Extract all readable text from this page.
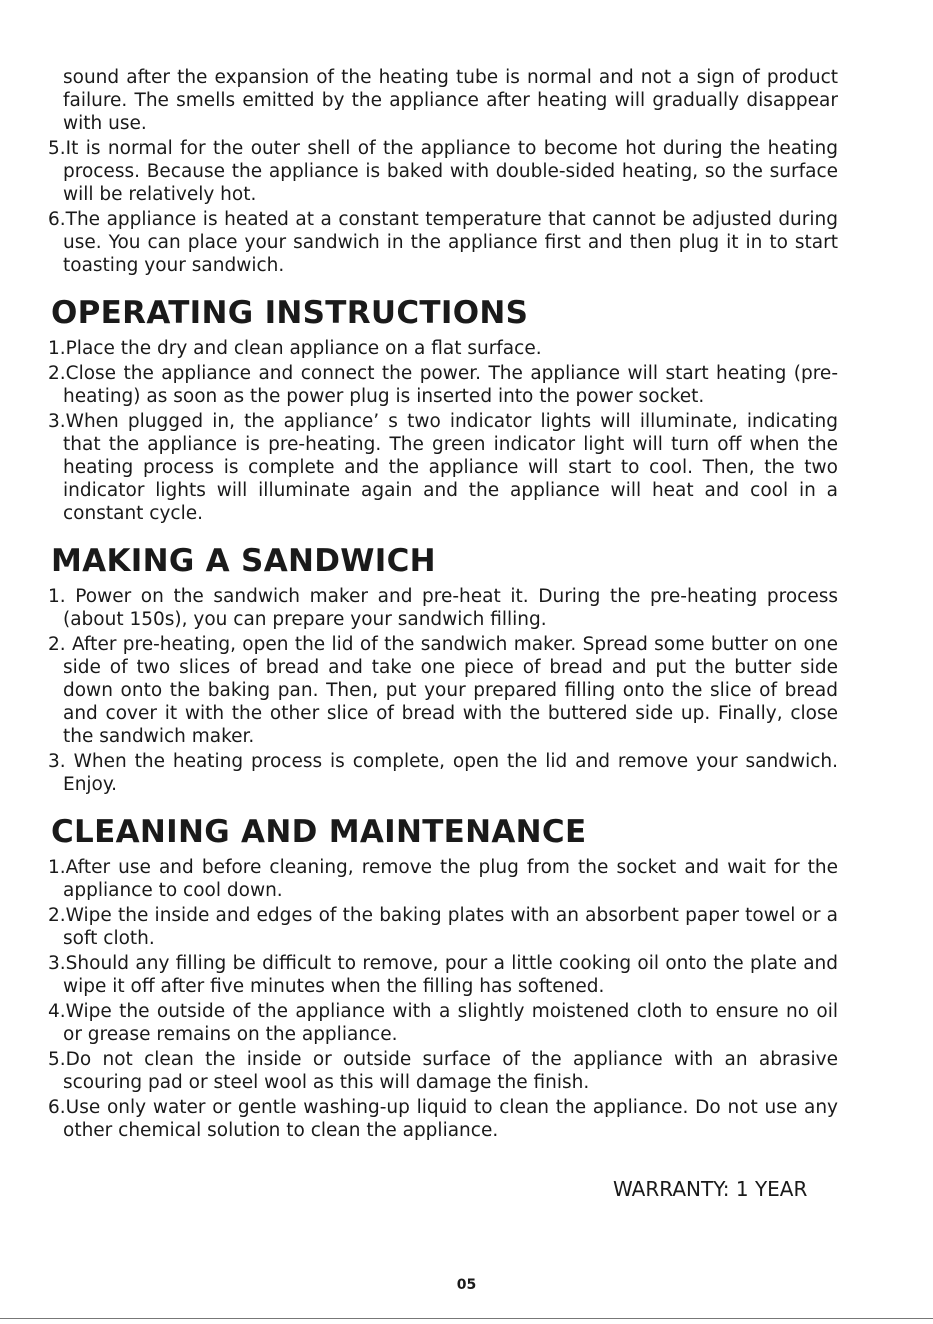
sound after the expansion of the heating tube is normal and not a sign of product failure. The smells emitted by the appliance after heating will gradually disappear with use.
5.It is normal for the outer shell of the appliance to become hot during the heating process. Because the appliance is baked with double-sided heating, so the surface will be relatively hot.
6.The appliance is heated at a constant temperature that cannot be adjusted during use. You can place your sandwich in the appliance first and then plug it in to start toasting your sandwich.
OPERATING INSTRUCTIONS
1.Place the dry and clean appliance on a flat surface.
2.Close the appliance and connect the power. The appliance will start heating (pre-heating) as soon as the power plug is inserted into the power socket.
3.When plugged in, the appliance’ s two indicator lights will illuminate, indicating that the appliance is pre-heating. The green indicator light will turn off when the heating process is complete and the appliance will start to cool. Then, the two indicator lights will illuminate again and the appliance will heat and cool in a constant cycle.
MAKING A SANDWICH
1. Power on the sandwich maker and pre-heat it. During the pre-heating process (about 150s), you can prepare your sandwich filling.
2. After pre-heating, open the lid of the sandwich maker. Spread some butter on one side of two slices of bread and take one piece of bread and put the butter side down onto the baking pan. Then, put your prepared filling onto the slice of bread and cover it with the other slice of bread with the buttered side up. Finally, close the sandwich maker.
3. When the heating process is complete, open the lid and remove your sandwich. Enjoy.
CLEANING AND MAINTENANCE
1.After use and before cleaning, remove the plug from the socket and wait for the appliance to cool down.
2.Wipe the inside and edges of the baking plates with an absorbent paper towel or a soft cloth.
3.Should any filling be difficult to remove, pour a little cooking oil onto the plate and wipe it off after five minutes when the filling has softened.
4.Wipe the outside of the appliance with a slightly moistened cloth to ensure no oil or grease remains on the appliance.
5.Do not clean the inside or outside surface of the appliance with an abrasive scouring pad or steel wool as this will damage the finish.
6.Use only water or gentle washing-up liquid to clean the appliance. Do not use any other chemical solution to clean the appliance.
WARRANTY: 1 YEAR
05
